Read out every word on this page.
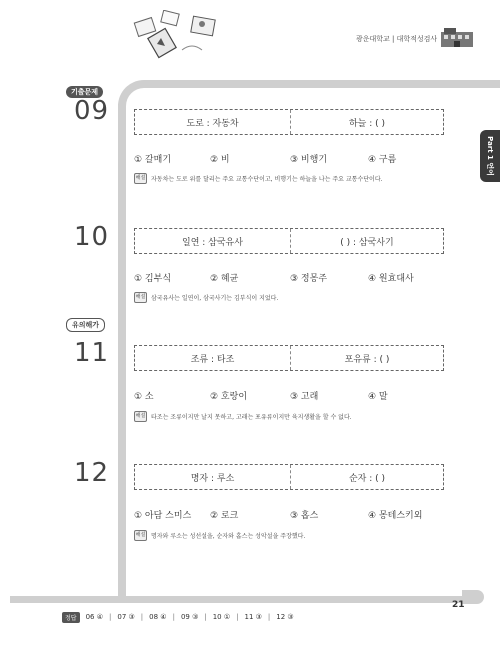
광운대학교 | 대학적성검사
Part 1 언어
기출문제
09	도로 : 자동차	하늘 : ( )
① 갈매기	② 비	③ 비행기	④ 구름
해설 자동차는 도로 위를 달리는 주요 교통수단이고, 비행기는 하늘을 나는 주요 교통수단이다.
10	일연 : 삼국유사	( ) : 삼국사기
① 김부식	② 혜균	③ 정몽주	④ 원효대사
해설 삼국유사는 일연이, 삼국사기는 김부식이 지었다.
유의해가
11	조류 : 타조	포유류 : ( )
① 소	② 호랑이	③ 고래	④ 말
해설 타조는 조류이지만 날지 못하고, 고래는 포유류이지만 육지생활을 할 수 없다.
12	명자 : 루소	순자 : ( )
① 아담 스미스 ② 로크	③ 홉스	④ 몽테스키외
해설 명자와 루소는 성선설을, 순자와 홉스는 성악설을 주장했다.
정답	06 ④ | 07 ③ | 08 ④ | 09 ③ | 10 ① | 11 ③ | 12 ③
21
